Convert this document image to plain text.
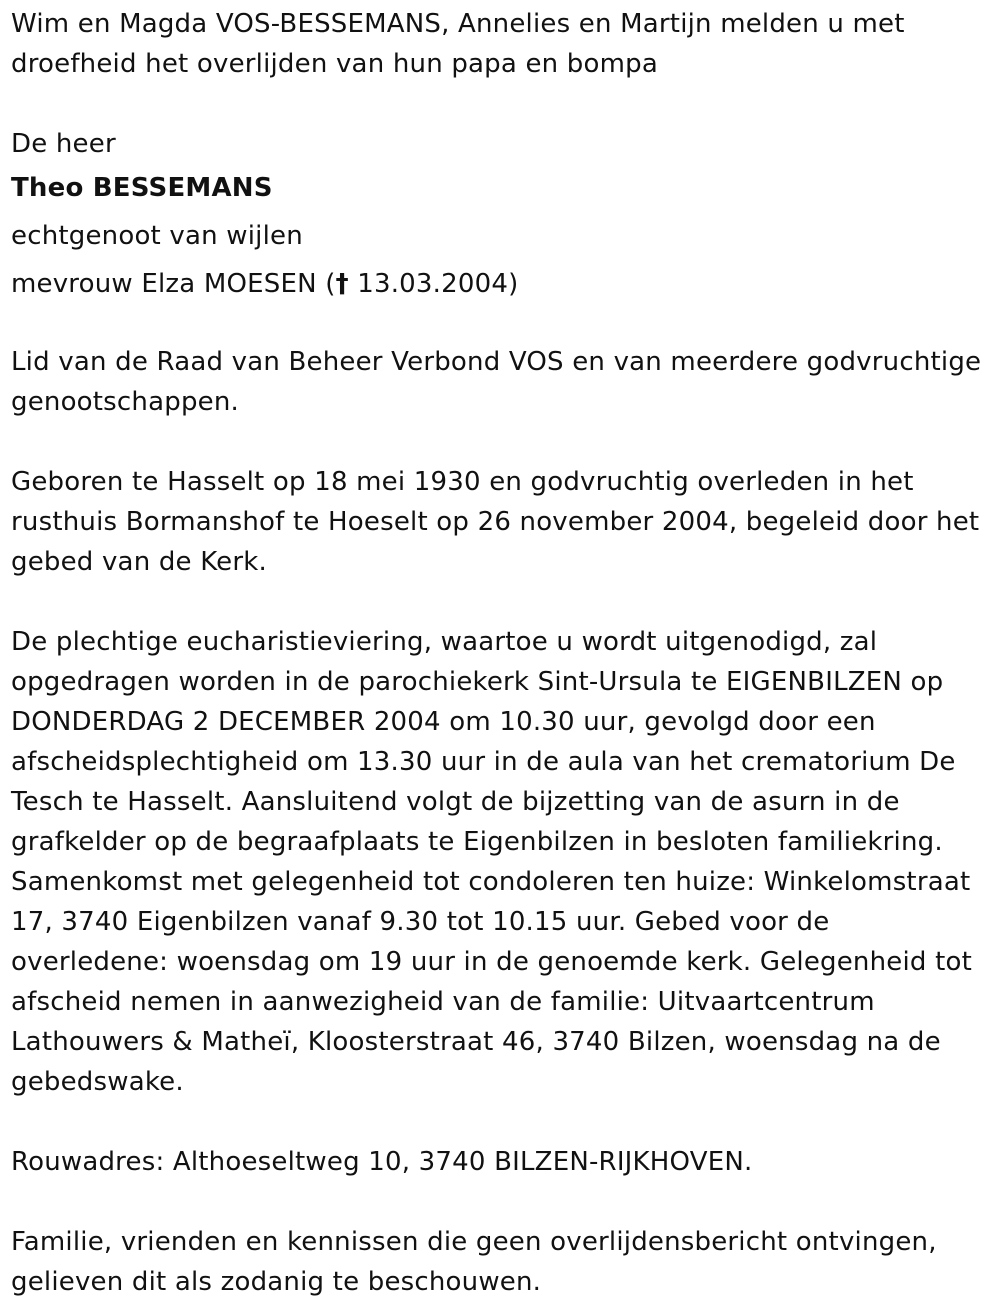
Wim en Magda VOS-BESSEMANS, Annelies en Martijn melden u met droefheid het overlijden van hun papa en bompa

De heer

Theo BESSEMANS

echtgenoot van wijlen

mevrouw Elza MOESEN († 13.03.2004)

Lid van de Raad van Beheer Verbond VOS en van meerdere godvruchtige genootschappen.

Geboren te Hasselt op 18 mei 1930 en godvruchtig overleden in het rusthuis Bormanshof te Hoeselt op 26 november 2004, begeleid door het gebed van de Kerk.

De plechtige eucharistieviering, waartoe u wordt uitgenodigd, zal opgedragen worden in de parochiekerk Sint-Ursula te EIGENBILZEN op DONDERDAG 2 DECEMBER 2004 om 10.30 uur, gevolgd door een afscheidsplechtigheid om 13.30 uur in de aula van het crematorium De Tesch te Hasselt. Aansluitend volgt de bijzetting van de asurn in de grafkelder op de begraafplaats te Eigenbilzen in besloten familiekring. Samenkomst met gelegenheid tot condoleren ten huize: Winkelomstraat 17, 3740 Eigenbilzen vanaf 9.30 tot 10.15 uur. Gebed voor de overledene: woensdag om 19 uur in de genoemde kerk. Gelegenheid tot afscheid nemen in aanwezigheid van de familie: Uitvaartcentrum Lathouwers & Matheï, Kloosterstraat 46, 3740 Bilzen, woensdag na de gebedswake.

Rouwadres: Althoeseltweg 10, 3740 BILZEN-RIJKHOVEN.

Familie, vrienden en kennissen die geen overlijdensbericht ontvingen, gelieven dit als zodanig te beschouwen.
